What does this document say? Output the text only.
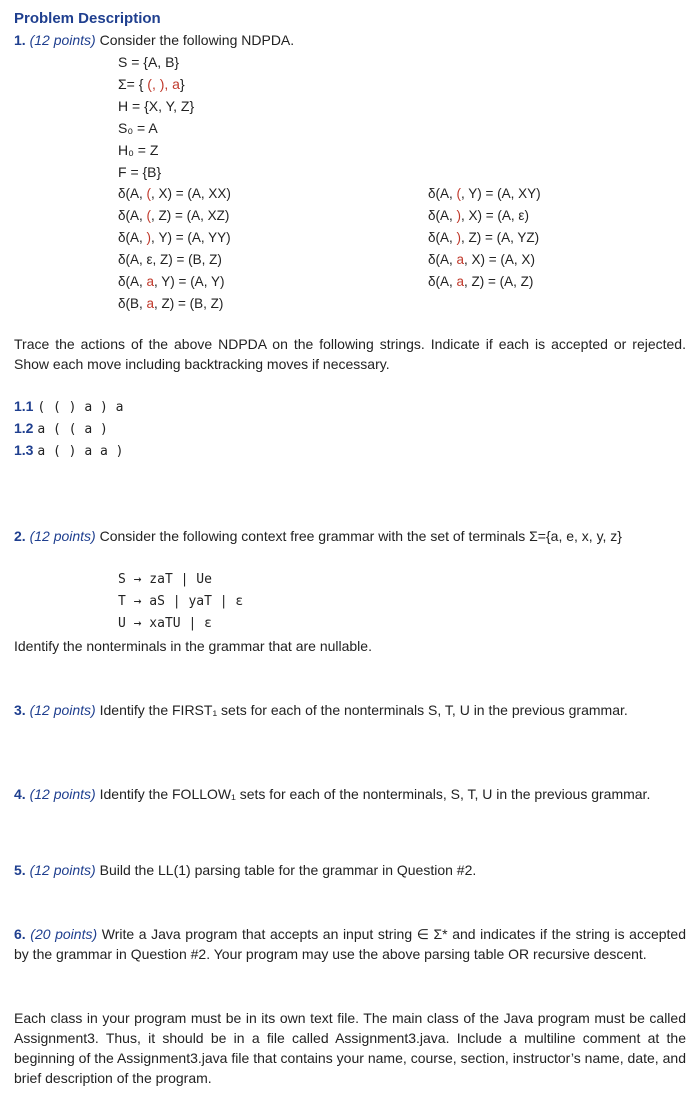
Problem Description
1. (12 points) Consider the following NDPDA.
S = {A, B}
Σ= { (, ), a}
H = {X, Y, Z}
S₀ = A
H₀ = Z
F = {B}
δ(A, (, X) = (A, XX)
δ(A, (, Z) = (A, XZ)
δ(A, ), Y) = (A, YY)
δ(A, ε, Z) = (B, Z)
δ(A, a, Y) = (A, Y)
δ(B, a, Z) = (B, Z)
δ(A, (, Y) = (A, XY)
δ(A, ), X) = (A, ε)
δ(A, ), Z) = (A, YZ)
δ(A, a, X) = (A, X)
δ(A, a, Z) = (A, Z)
Trace the actions of the above NDPDA on the following strings. Indicate if each is accepted or rejected. Show each move including backtracking moves if necessary.
1.1 ( ( ) a ) a
1.2 a ( ( a )
1.3 a ( ) a a )
2. (12 points) Consider the following context free grammar with the set of terminals Σ={a, e, x, y, z}
S → zaT | Ue
T → aS | yaT | ε
U → xaTU | ε
Identify the nonterminals in the grammar that are nullable.
3. (12 points) Identify the FIRST₁ sets for each of the nonterminals S, T, U in the previous grammar.
4. (12 points) Identify the FOLLOW₁ sets for each of the nonterminals, S, T, U in the previous grammar.
5. (12 points) Build the LL(1) parsing table for the grammar in Question #2.
6. (20 points) Write a Java program that accepts an input string ∈ Σ* and indicates if the string is accepted by the grammar in Question #2. Your program may use the above parsing table OR recursive descent.
Each class in your program must be in its own text file. The main class of the Java program must be called Assignment3. Thus, it should be in a file called Assignment3.java. Include a multiline comment at the beginning of the Assignment3.java file that contains your name, course, section, instructor’s name, date, and brief description of the program.
